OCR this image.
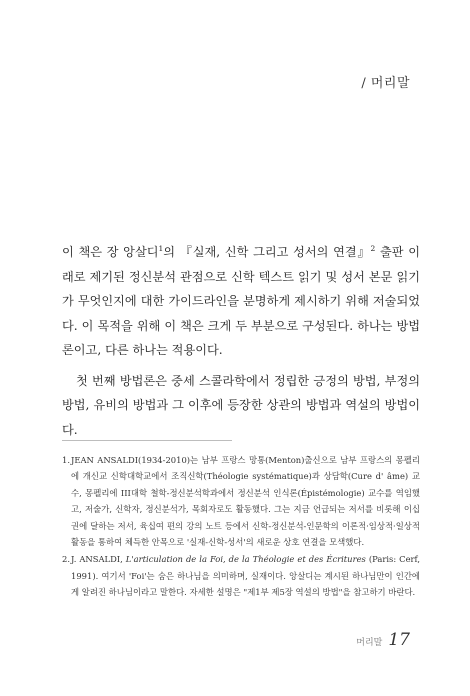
/ 머리말

이 책은 장 앙살디$^1$의 『실재, 신학 그리고 성서의 연결』$^2$ 출판 이래로 제기된 정신분석 관점으로 신학 텍스트 읽기 및 성서 본문 읽기가 무엇인지에 대한 가이드라인을 분명하게 제시하기 위해 저술되었다. 이 목적을 위해 이 책은 크게 두 부분으로 구성된다. 하나는 방법론이고, 다른 하나는 적용이다.

첫 번째 방법론은 중세 스콜라학에서 정립한 긍정의 방법, 부정의 방법, 유비의 방법과 그 이후에 등장한 상관의 방법과 역설의 방법이다.

1. JEAN ANSALDI(1934-2010)는 남부 프랑스 망통(Menton)출신으로 남부 프랑스의 몽펠리에 개신교 신학대학교에서 조직신학(Théologie systématique)과 상담학(Cure d' âme) 교수, 몽펠리에 III대학 철학-정신분석학과에서 정신분석 인식론(Épistémologie) 교수를 역임했고, 저술가, 신학자, 정신분석가, 목회자로도 활동했다. 그는 지금 언급되는 저서를 비롯해 이십 권에 달하는 저서, 육십여 편의 강의 노트 등에서 신학-정신분석-인문학의 이론적·임상적·일상적 활동을 통하여 체득한 안목으로 '실재-신학-성서'의 새로운 상호 연결을 모색했다.
2. J. ANSALDI, L'articulation de la Foi, de la Théologie et des Écritures (Paris: Cerf, 1991). 여기서 'Foi'는 숨은 하나님을 의미하며, 실재이다. 앙살디는 계시된 하나님만이 인간에게 알려진 하나님이라고 말한다. 자세한 설명은 "제1부 제5장 역설의 방법"을 참고하기 바란다.
머리말 17
